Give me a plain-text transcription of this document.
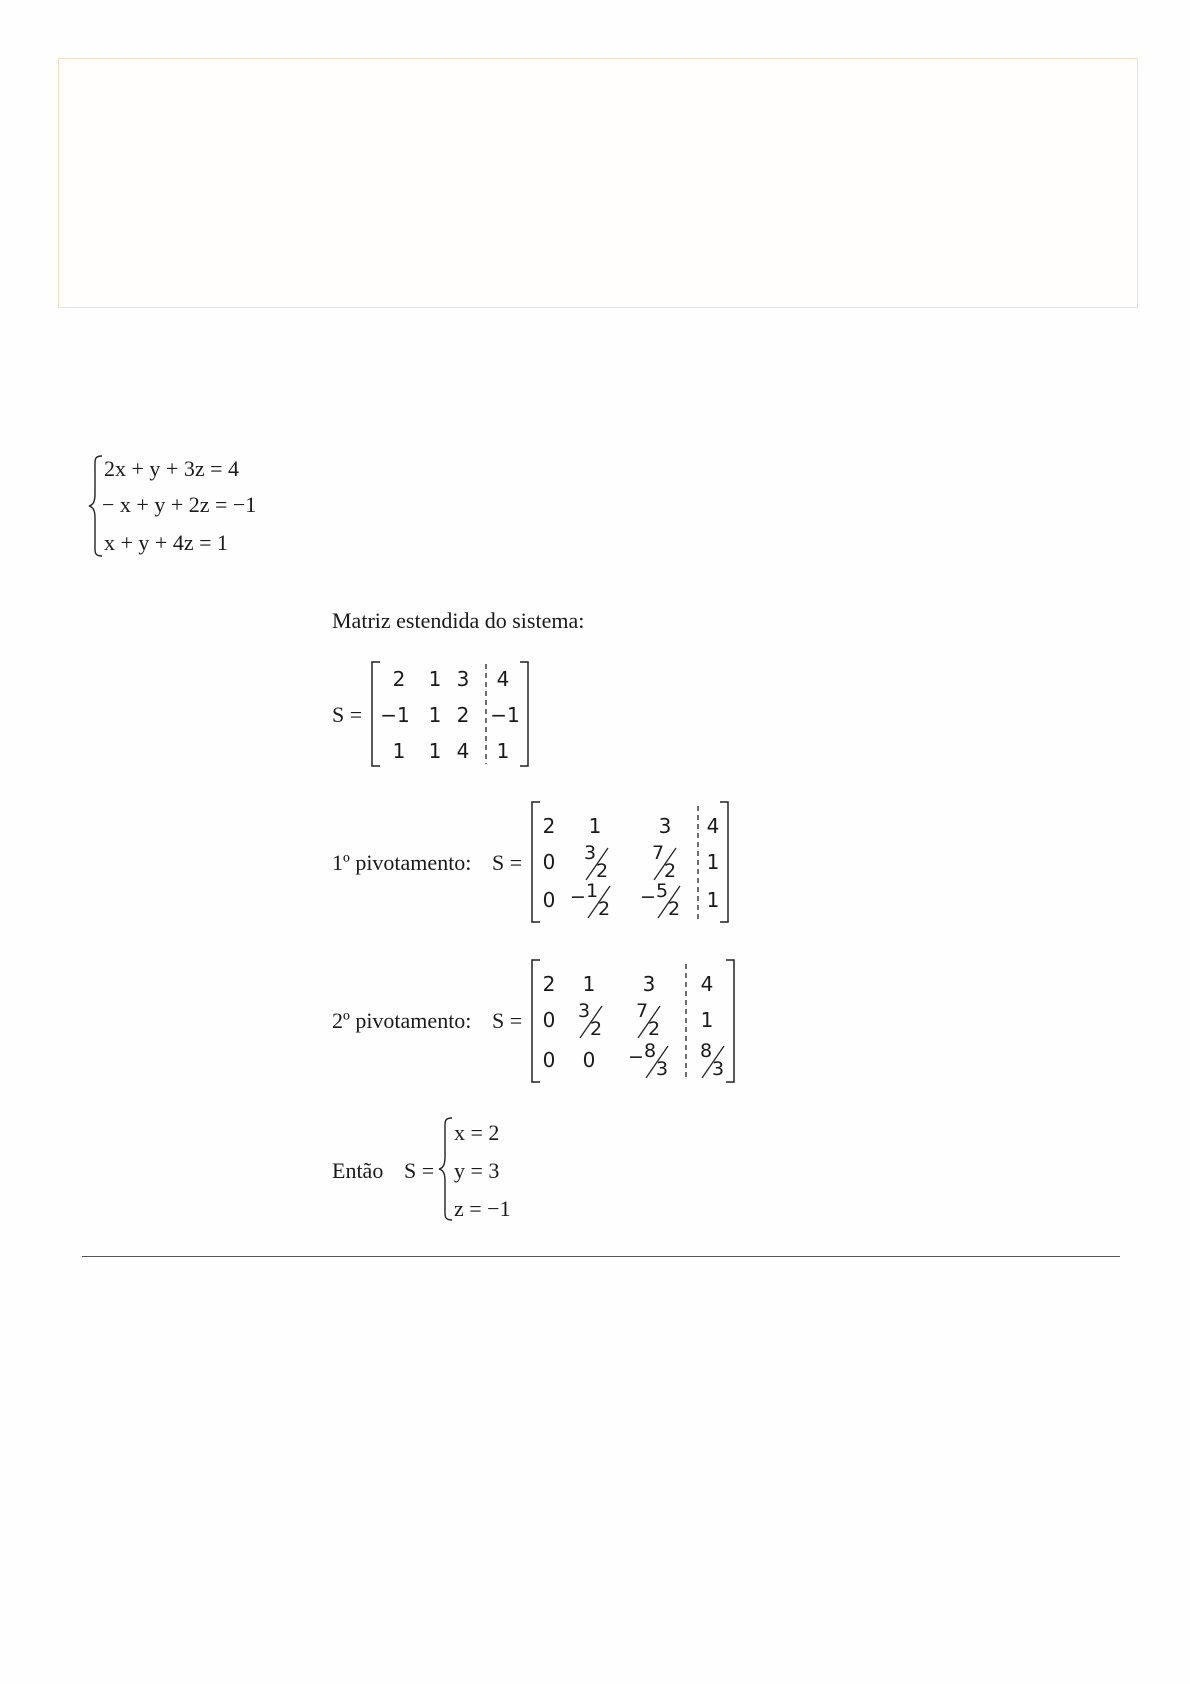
2x + y + 3z = 4
− x + y + 2z = −1
x + y + 4z = 1
Matriz estendida do sistema:
S =
2 1 3 4
−1 1 2 −1
1 1 4 1
1º pivotamento: S =
2 1	3 4
0 3
2
7
2 1
0 − 1
2
− 5
2 1
2º pivotamento: S =
2 1 3 4
0 3
2
7
2 1
0 0 − 8
3
8
3
Então S =
x = 2
y = 3
z = −1
